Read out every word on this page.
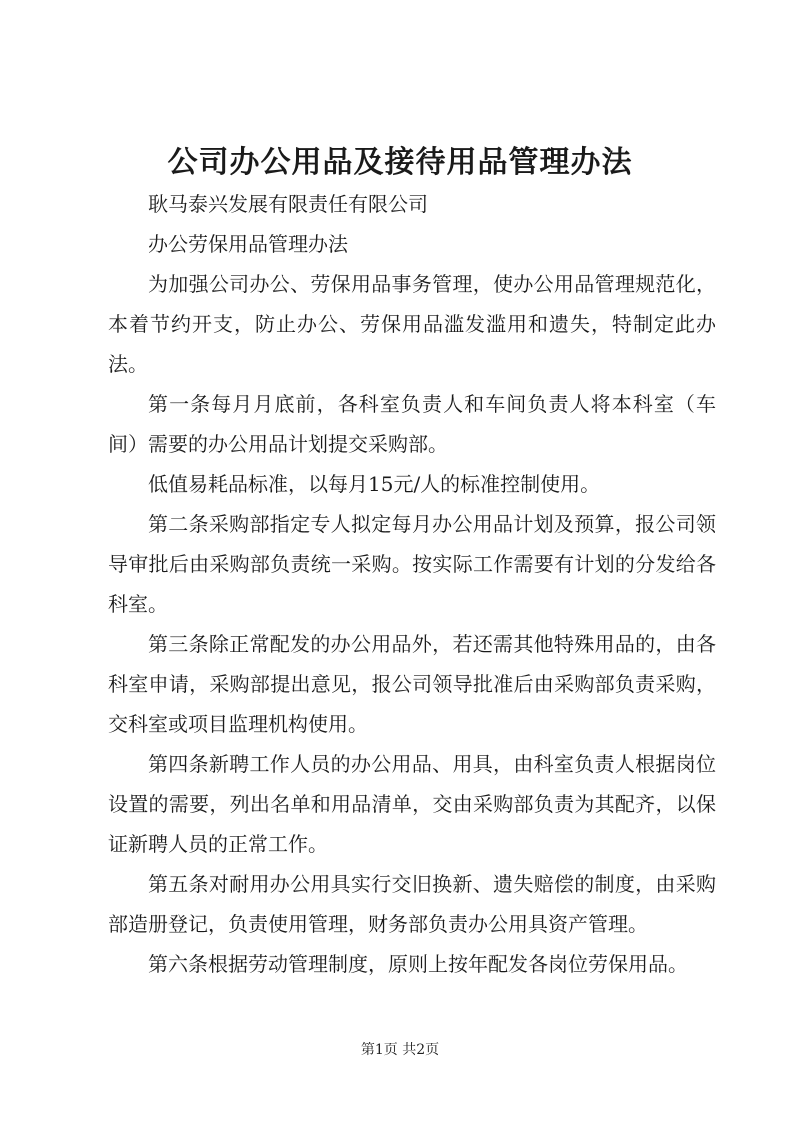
公司办公用品及接待用品管理办法

耿马泰兴发展有限责任有限公司

办公劳保用品管理办法

为加强公司办公、劳保用品事务管理，使办公用品管理规范化，本着节约开支，防止办公、劳保用品滥发滥用和遗失，特制定此办法。

第一条每月月底前，各科室负责人和车间负责人将本科室（车间）需要的办公用品计划提交采购部。

低值易耗品标准，以每月15元/人的标准控制使用。

第二条采购部指定专人拟定每月办公用品计划及预算，报公司领导审批后由采购部负责统一采购。按实际工作需要有计划的分发给各科室。

第三条除正常配发的办公用品外，若还需其他特殊用品的，由各科室申请，采购部提出意见，报公司领导批准后由采购部负责采购，交科室或项目监理机构使用。

第四条新聘工作人员的办公用品、用具，由科室负责人根据岗位设置的需要，列出名单和用品清单，交由采购部负责为其配齐，以保证新聘人员的正常工作。

第五条对耐用办公用具实行交旧换新、遗失赔偿的制度，由采购部造册登记，负责使用管理，财务部负责办公用具资产管理。

第六条根据劳动管理制度，原则上按年配发各岗位劳保用品。

第1页 共2页
